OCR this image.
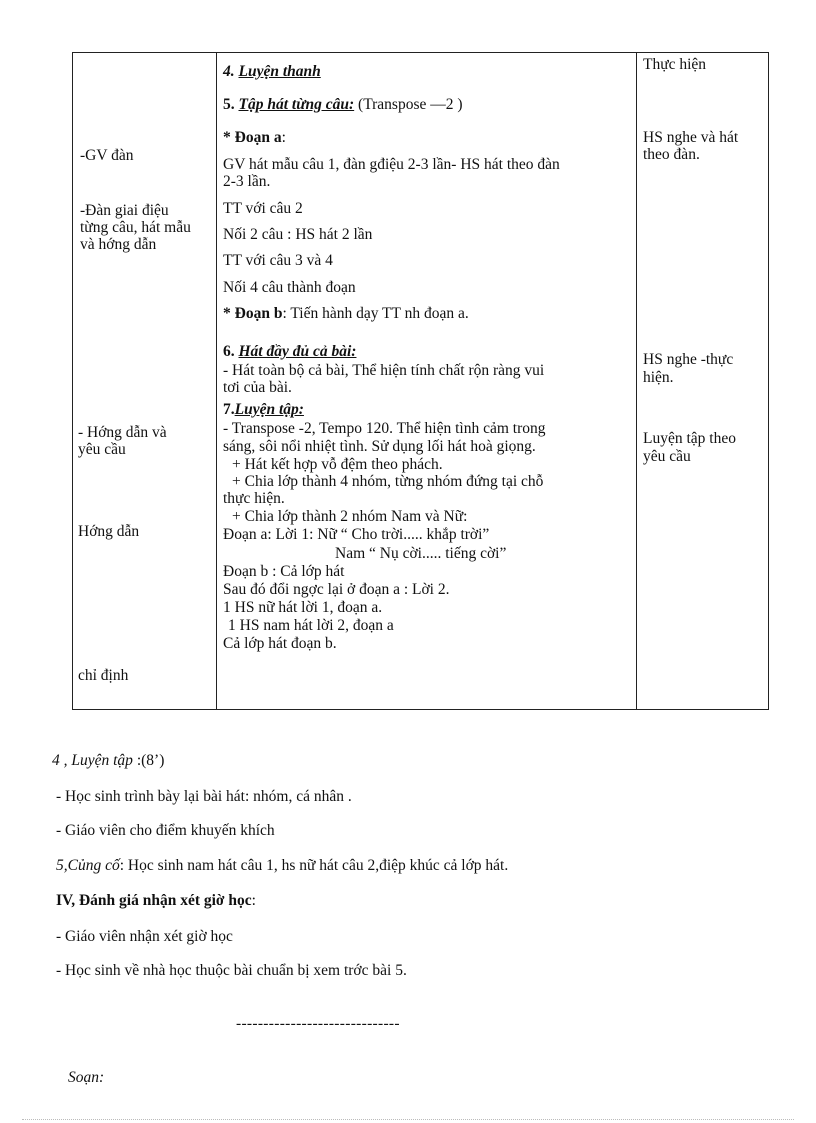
-GV đàn
-Đàn giai điệu
từng câu, hát mẫu
và hớng dẫn
- Hớng dẫn và
yêu cầu
Hớng dẫn
chỉ định
4. Luyện thanh
5. Tập hát từng câu: (Transpose —2 )
* Đoạn a:
GV hát mẫu câu 1, đàn gđiệu 2-3 lần- HS hát theo đàn
2-3 lần.
TT với câu 2
Nối 2 câu : HS hát 2 lần
TT với câu 3 và 4
Nối 4 câu thành đoạn
* Đoạn b: Tiến hành dạy TT nh đoạn a.
6. Hát đầy đủ cả bài:
- Hát toàn bộ cả bài, Thể hiện tính chất rộn ràng vui
tơi của bài.
7.Luyện tập:
- Transpose -2, Tempo 120. Thể hiện tình cảm trong
sáng, sôi nổi nhiệt tình. Sử dụng lối hát hoà giọng.
+ Hát kết hợp vỗ đệm theo phách.
+ Chia lớp thành 4 nhóm, từng nhóm đứng tại chỗ
thực hiện.
+ Chia lớp thành 2 nhóm Nam và Nữ:
Đoạn a: Lời 1: Nữ “ Cho trời..... khắp trời”
Nam “ Nụ cời..... tiếng cời”
Đoạn b : Cả lớp hát
Sau đó đổi ngợc lại ở đoạn a : Lời 2.
1 HS nữ hát lời 1, đoạn a.
1 HS nam hát lời 2, đoạn a
Cả lớp hát đoạn b.
Thực hiện
HS nghe và hát
theo đàn.
HS nghe -thực
hiện.
Luyện tập theo
yêu cầu
4 , Luyện tập :(8’)
- Học sinh trình bày lại bài hát: nhóm, cá nhân .
- Giáo viên cho điểm khuyến khích
5,Củng cố: Học sinh nam hát câu 1, hs nữ hát câu 2,điệp khúc cả lớp hát.
IV, Đánh giá nhận xét giờ học:
- Giáo viên nhận xét giờ học
- Học sinh về nhà học thuộc bài chuẩn bị xem trớc bài 5.
------------------------------
Soạn:
